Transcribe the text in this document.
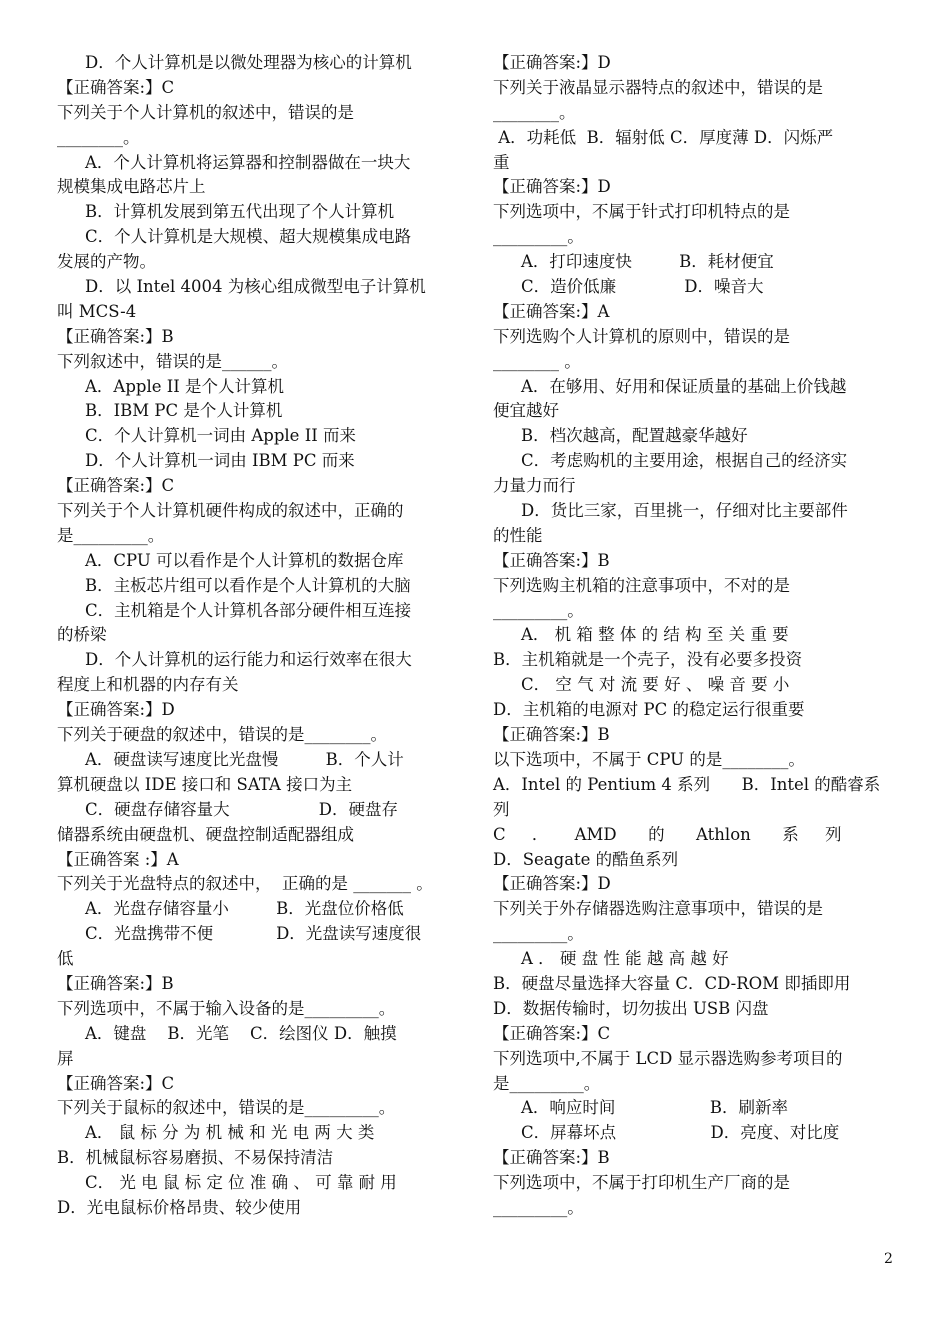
D．个人计算机是以微处理器为核心的计算机
【正确答案:】C
下列关于个人计算机的叙述中，错误的是
________。
A．个人计算机将运算器和控制器做在一块大
规模集成电路芯片上
B．计算机发展到第五代出现了个人计算机
C．个人计算机是大规模、超大规模集成电路
发展的产物。
D．以 Intel 4004 为核心组成微型电子计算机
叫 MCS-4
【正确答案:】B
下列叙述中，错误的是______。
A．Apple II 是个人计算机
B．IBM PC 是个人计算机
C．个人计算机一词由 Apple II 而来
D．个人计算机一词由 IBM PC 而来
【正确答案:】C
下列关于个人计算机硬件构成的叙述中，正确的
是_________。
A．CPU 可以看作是个人计算机的数据仓库
B．主板芯片组可以看作是个人计算机的大脑
C．主机箱是个人计算机各部分硬件相互连接
的桥梁
D．个人计算机的运行能力和运行效率在很大
程度上和机器的内存有关
【正确答案:】D
下列关于硬盘的叙述中，错误的是________。
A．硬盘读写速度比光盘慢         B．个人计
算机硬盘以 IDE 接口和 SATA 接口为主
C．硬盘存储容量大                 D．硬盘存
储器系统由硬盘机、硬盘控制适配器组成
【正确答案 :】A
下列关于光盘特点的叙述中，  正确的是 _______ 。
A．光盘存储容量小         B．光盘位价格低
C．光盘携带不便            D．光盘读写速度很
低
【正确答案:】B
下列选项中，不属于输入设备的是_________。
A．键盘    B．光笔    C．绘图仪 D．触摸
屏
【正确答案:】C
下列关于鼠标的叙述中，错误的是_________。
A． 鼠 标 分 为 机 械 和 光 电 两 大 类
B．机械鼠标容易磨损、不易保持清洁
C． 光 电 鼠 标 定 位 准 确 、 可 靠 耐 用
D．光电鼠标价格昂贵、较少使用
【正确答案:】D
下列关于液晶显示器特点的叙述中，错误的是
________。
A．功耗低  B．辐射低 C．厚度薄 D．闪烁严
重
【正确答案:】D
下列选项中，不属于针式打印机特点的是
_________。
A．打印速度快         B．耗材便宜
C．造价低廉             D．噪音大
【正确答案:】A
下列选购个人计算机的原则中，错误的是
________ 。
A．在够用、好用和保证质量的基础上价钱越
便宜越好
B．档次越高，配置越豪华越好
C．考虑购机的主要用途，根据自己的经济实
力量力而行
D．货比三家，百里挑一，仔细对比主要部件
的性能
【正确答案:】B
下列选购主机箱的注意事项中，不对的是
_________。
A． 机 箱 整 体 的 结 构 至 关 重 要
B．主机箱就是一个壳子，没有必要多投资
C． 空 气 对 流 要 好 、 噪 音 要 小
D．主机箱的电源对 PC 的稳定运行很重要
【正确答案:】B
以下选项中，不属于 CPU 的是________。
A．Intel 的 Pentium 4 系列      B．Intel 的酷睿系
列
C     ．     AMD      的      Athlon      系     列
D．Seagate 的酷鱼系列
【正确答案:】D
下列关于外存储器选购注意事项中，错误的是
_________。
A ． 硬 盘 性 能 越 高 越 好
B．硬盘尽量选择大容量 C．CD-ROM 即插即用
D．数据传输时，切勿拔出 USB 闪盘
【正确答案:】C
下列选项中,不属于 LCD 显示器选购参考项目的
是_________。
A．响应时间                  B．刷新率
C．屏幕坏点                  D．亮度、对比度
【正确答案:】B
下列选项中，不属于打印机生产厂商的是
_________。
2
